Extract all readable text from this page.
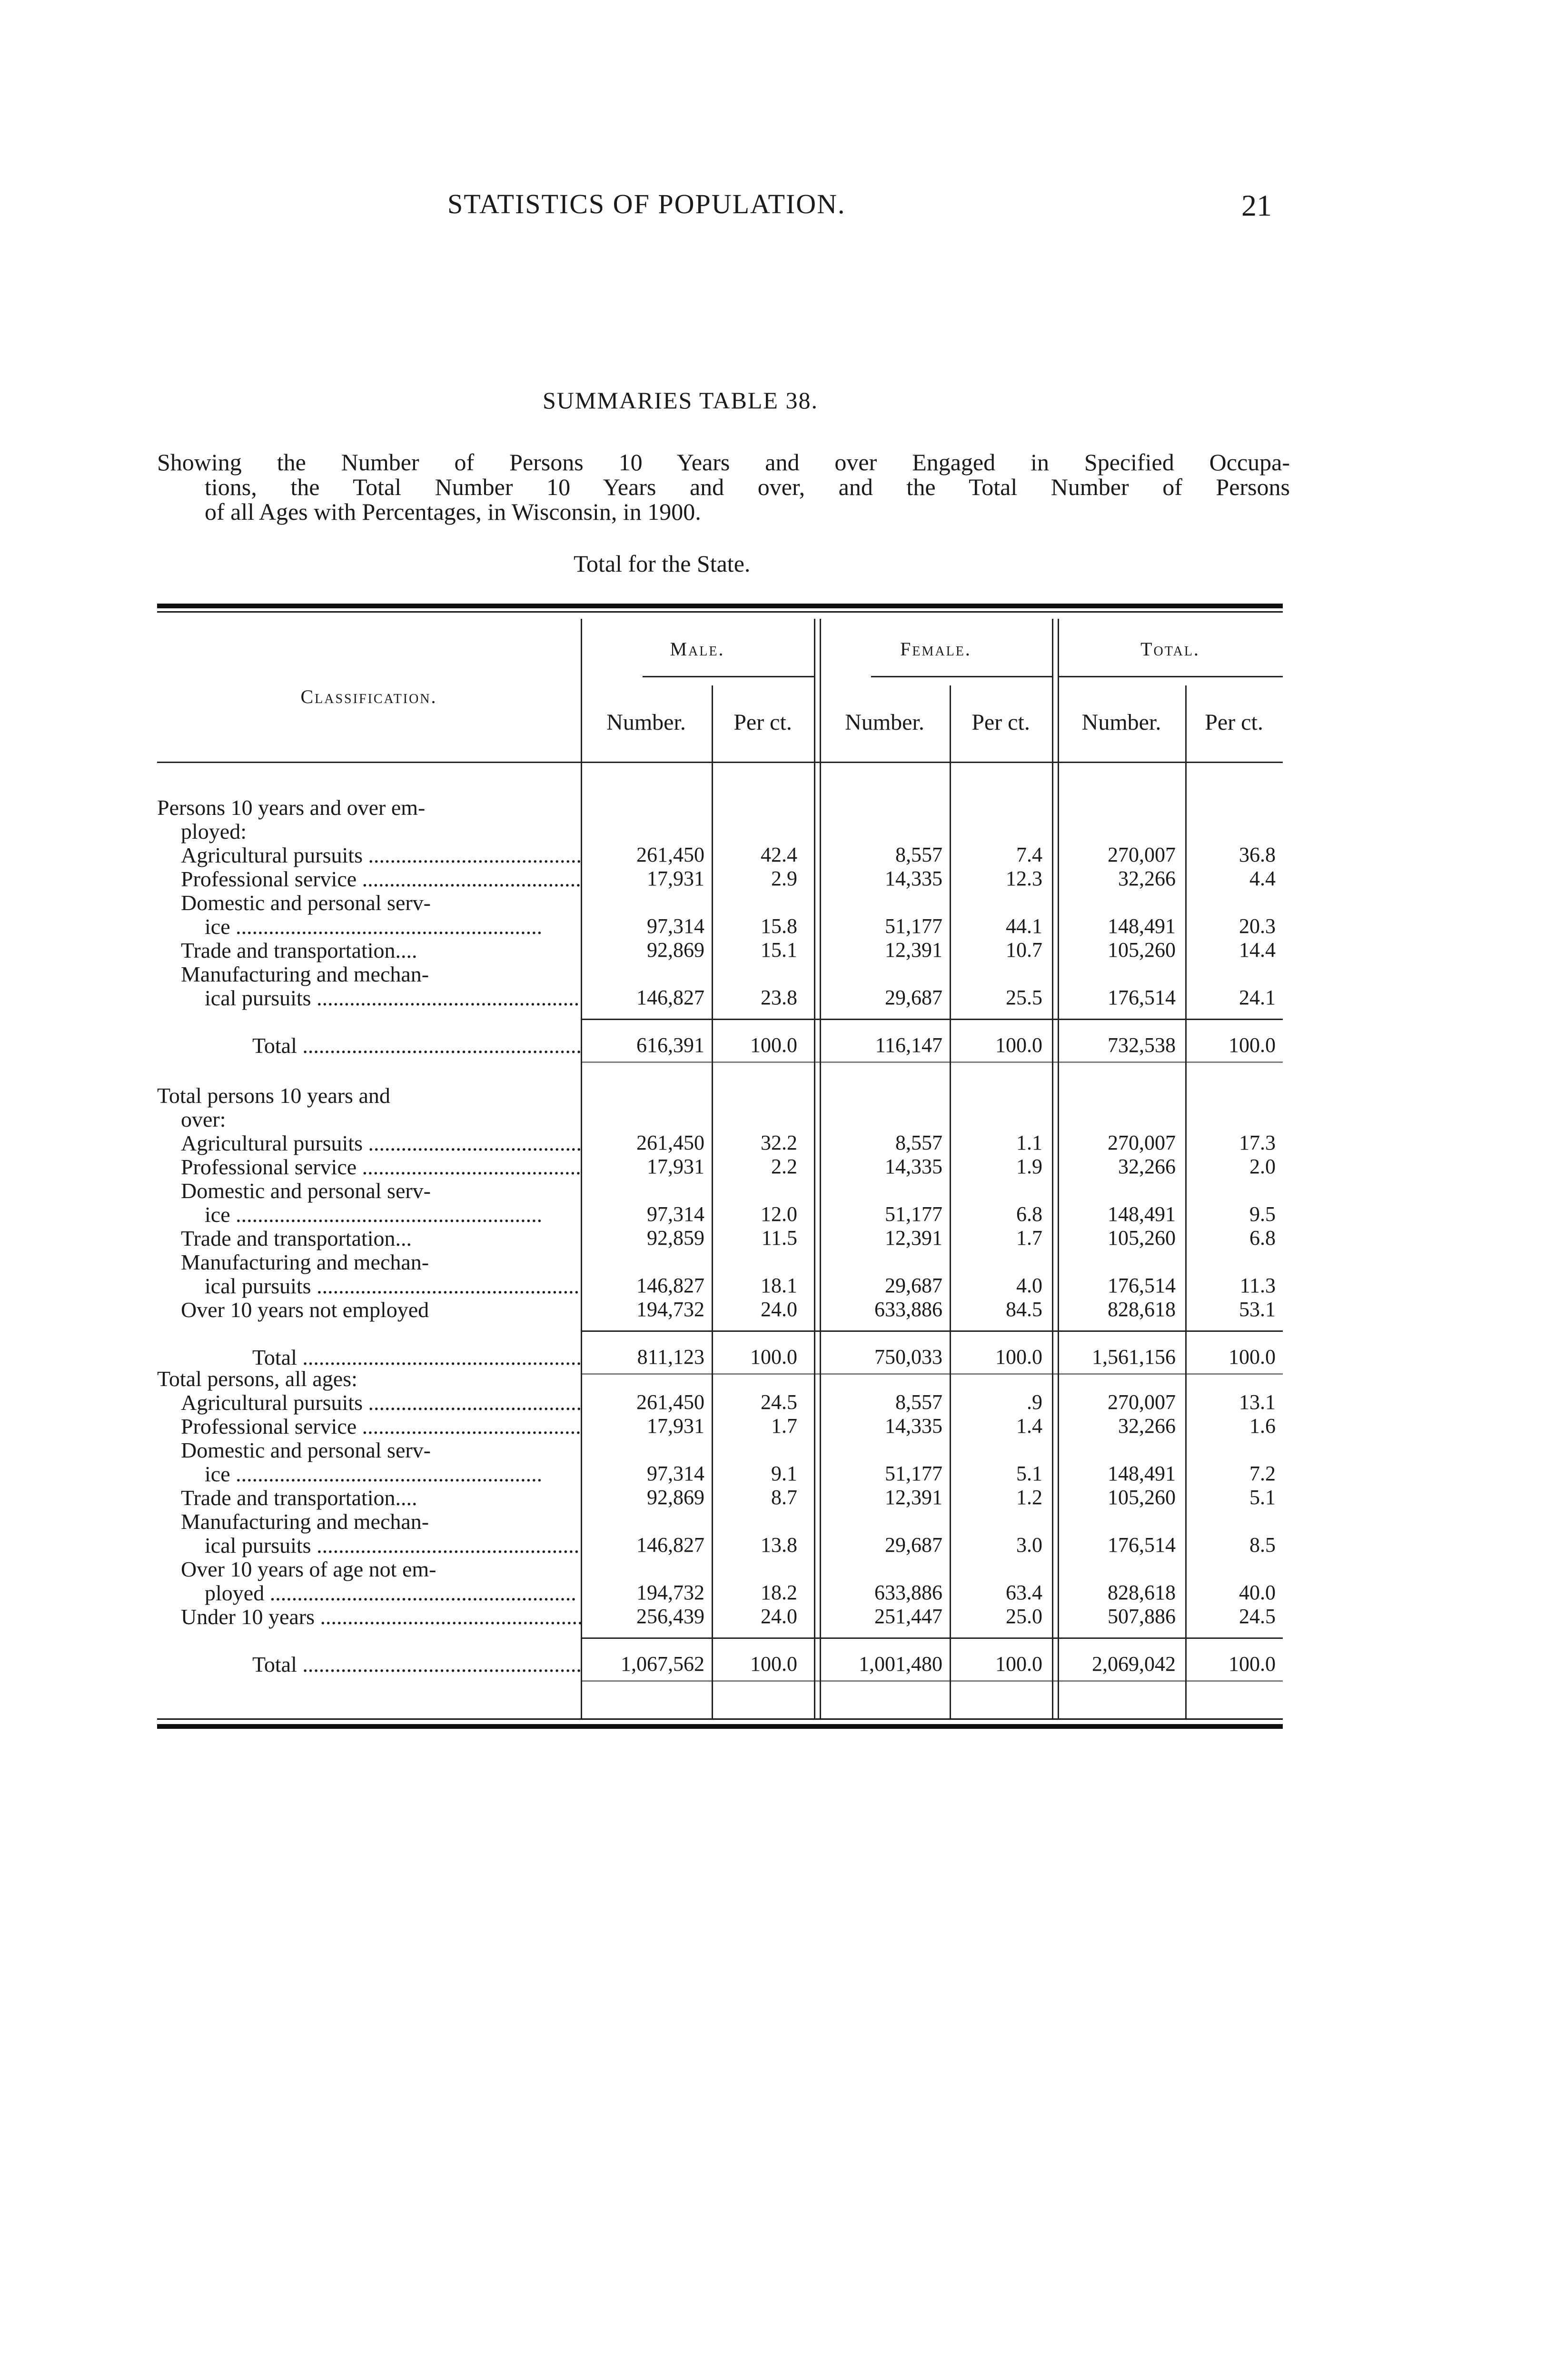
STATISTICS OF POPULATION.	21
SUMMARIES TABLE 38.
Showing the Number of Persons 10 Years and over Engaged in Specified Occupa-
tions, the Total Number 10 Years and over, and the Total Number of Persons
of all Ages with Percentages, in Wisconsin, in 1900.
Total for the State.
Classification.
Male.	Female.	Total.
Number.	Per ct.	Number.	Per ct.	Number.	Per ct.
Persons 10 years and over em-
ployed:
Agricultural pursuits .....	261,450	42.4	8,557	7.4	270,007	36.8
Professional service .....	17,931	2.9	14,335	12.3	32,266	4.4
Domestic and personal serv-
ice .....	97,314	15.8	51,177	44.1	148,491	20.3
Trade and transportation....	92,869	15.1	12,391	10.7	105,260	14.4
Manufacturing and mechan-
ical pursuits .....	146,827	23.8	29,687	25.5	176,514	24.1
Total .....	616,391 100.0	116,147	100.0	732,538	100.0
Total persons 10 years and
over:
Agricultural pursuits .....	261,450	32.2	8,557	1.1	270,007	17.3
Professional service .....	17,931	2.2	14,335	1.9	32,266	2.0
Domestic and personal serv-
ice .....	97,314	12.0	51,177	6.8	148,491	9.5
Trade and transportation...	92,859	11.5	12,391	1.7	105,260	6.8
Manufacturing and mechan-
ical pursuits .....	146,827	18.1	29,687	4.0	176,514	11.3
Over 10 years not employed	194,732	24.0	633,886	84.5	828,618	53.1
Total .....	811,123 100.0	750,033	100.0 1,561,156	100.0
Total persons, all ages:
Agricultural pursuits .....	261,450	24.5	8,557	.9	270,007	13.1
Professional service .....	17,931	1.7	14,335	1.4	32,266	1.6
Domestic and personal serv-
ice .....	97,314	9.1	51,177	5.1	148,491	7.2
Trade and transportation....	92,869	8.7	12,391	1.2	105,260	5.1
Manufacturing and mechan-
ical pursuits .....	146,827	13.8	29,687	3.0	176,514	8.5
Over 10 years of age not em-
ployed .....	194,732	18.2	633,886	63.4	828,618	40.0
Under 10 years .....	256,439	24.0	251,447	25.0	507,886	24.5
Total .....	1,067,562 100.0	1,001,480	100.0 2,069,042	100.0
